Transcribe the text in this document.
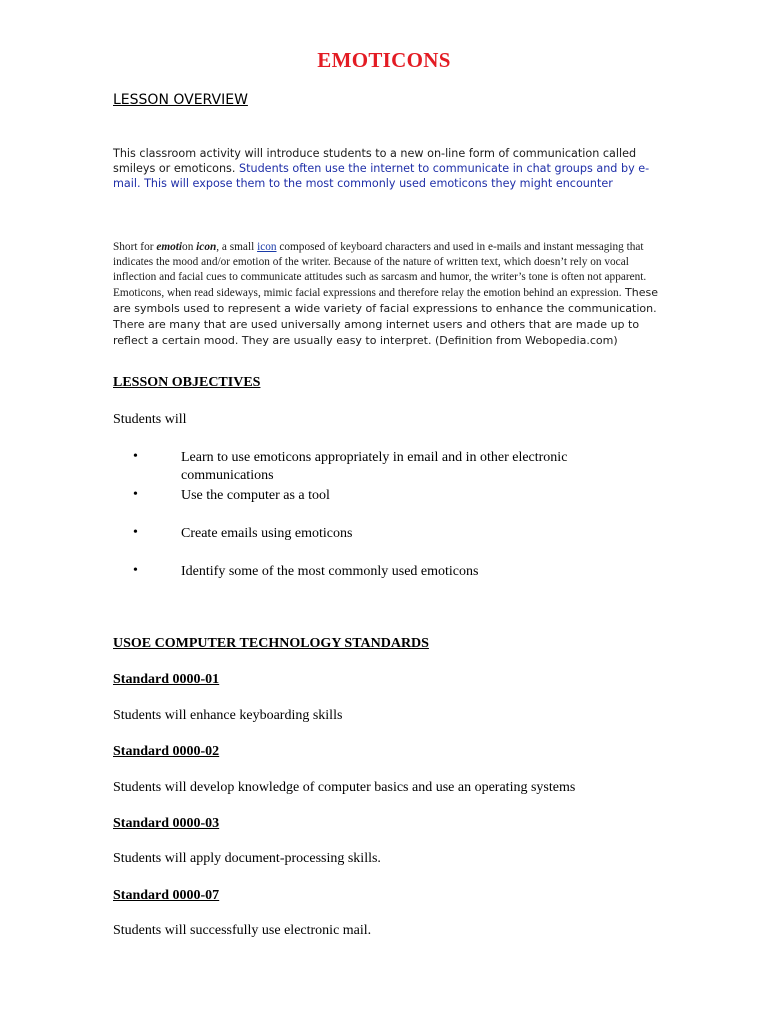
EMOTICONS
LESSON OVERVIEW
This classroom activity will introduce students to a new on-line form of communication called smileys or emoticons. Students often use the internet to communicate in chat groups and by e-mail. This will expose them to the most commonly used emoticons they might encounter
Short for emotion icon, a small icon composed of keyboard characters and used in e-mails and instant messaging that indicates the mood and/or emotion of the writer. Because of the nature of written text, which doesn’t rely on vocal inflection and facial cues to communicate attitudes such as sarcasm and humor, the writer’s tone is often not apparent. Emoticons, when read sideways, mimic facial expressions and therefore relay the emotion behind an expression. These are symbols used to represent a wide variety of facial expressions to enhance the communication. There are many that are used universally among internet users and others that are made up to reflect a certain mood. They are usually easy to interpret. (Definition from Webopedia.com)
LESSON OBJECTIVES
Students will
•	Learn to use emoticons appropriately in email and in other electronic communications
•	Use the computer as a tool
•	Create emails using emoticons
•	Identify some of the most commonly used emoticons
USOE COMPUTER TECHNOLOGY STANDARDS
Standard 0000-01
Students will enhance keyboarding skills
Standard 0000-02
Students will develop knowledge of computer basics and use an operating systems
Standard 0000-03
Students will apply document-processing skills.
Standard 0000-07
Students will successfully use electronic mail.
